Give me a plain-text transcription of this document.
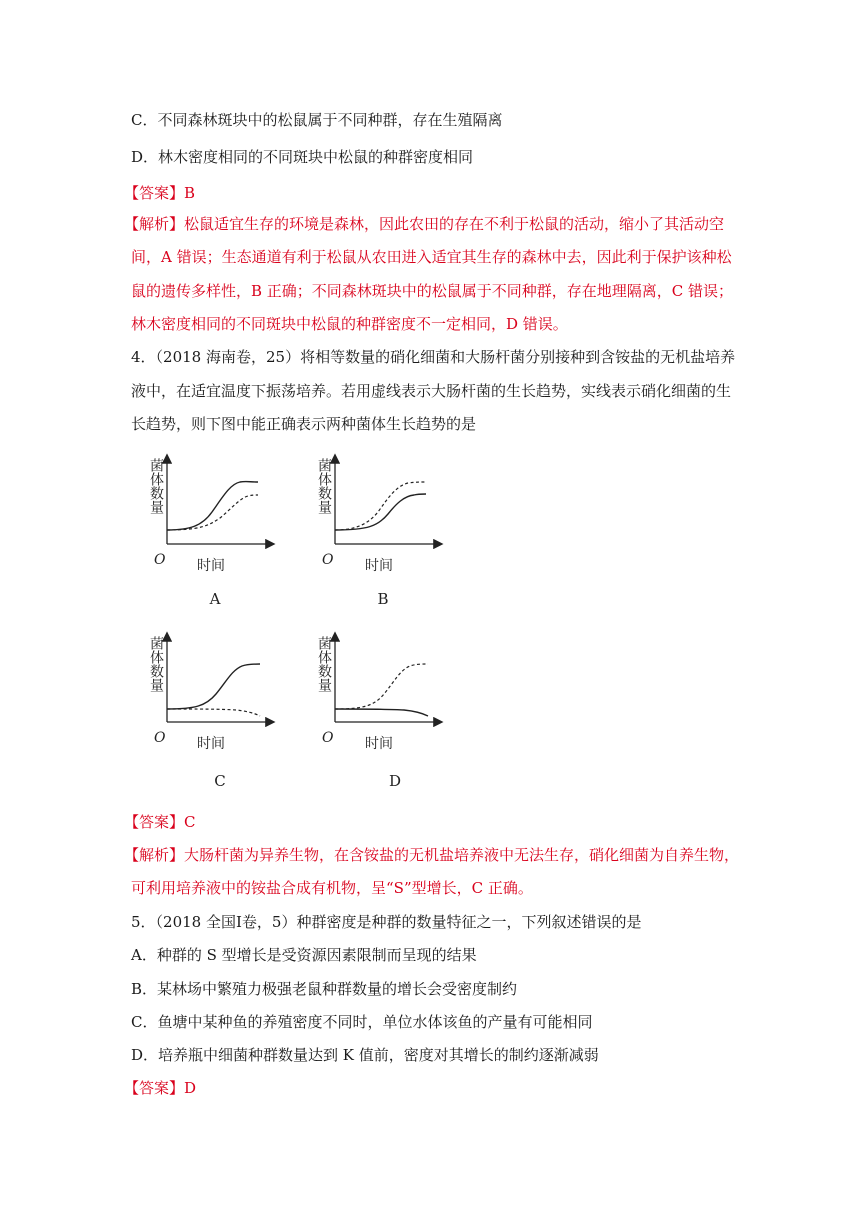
C．不同森林斑块中的松鼠属于不同种群，存在生殖隔离
D．林木密度相同的不同斑块中松鼠的种群密度相同
【答案】B
【解析】松鼠适宜生存的环境是森林，因此农田的存在不利于松鼠的活动，缩小了其活动空
间，A 错误；生态通道有利于松鼠从农田进入适宜其生存的森林中去，因此利于保护该种松
鼠的遗传多样性，B 正确；不同森林斑块中的松鼠属于不同种群，存在地理隔离，C 错误；
林木密度相同的不同斑块中松鼠的种群密度不一定相同，D 错误。
4．（2018 海南卷，25）将相等数量的硝化细菌和大肠杆菌分别接种到含铵盐的无机盐培养
液中，在适宜温度下振荡培养。若用虚线表示大肠杆菌的生长趋势，实线表示硝化细菌的生
长趋势，则下图中能正确表示两种菌体生长趋势的是
菌体数量
O 时间
A
菌体数量
O 时间
B
菌体数量
O 时间
C
菌体数量
O 时间
D
【答案】C
【解析】大肠杆菌为异养生物，在含铵盐的无机盐培养液中无法生存，硝化细菌为自养生物，
可利用培养液中的铵盐合成有机物，呈“S”型增长，C 正确。
5．（2018 全国Ⅰ卷，5）种群密度是种群的数量特征之一，下列叙述错误的是
A．种群的 S 型增长是受资源因素限制而呈现的结果
B．某林场中繁殖力极强老鼠种群数量的增长会受密度制约
C．鱼塘中某种鱼的养殖密度不同时，单位水体该鱼的产量有可能相同
D．培养瓶中细菌种群数量达到 K 值前，密度对其增长的制约逐渐减弱
【答案】D
